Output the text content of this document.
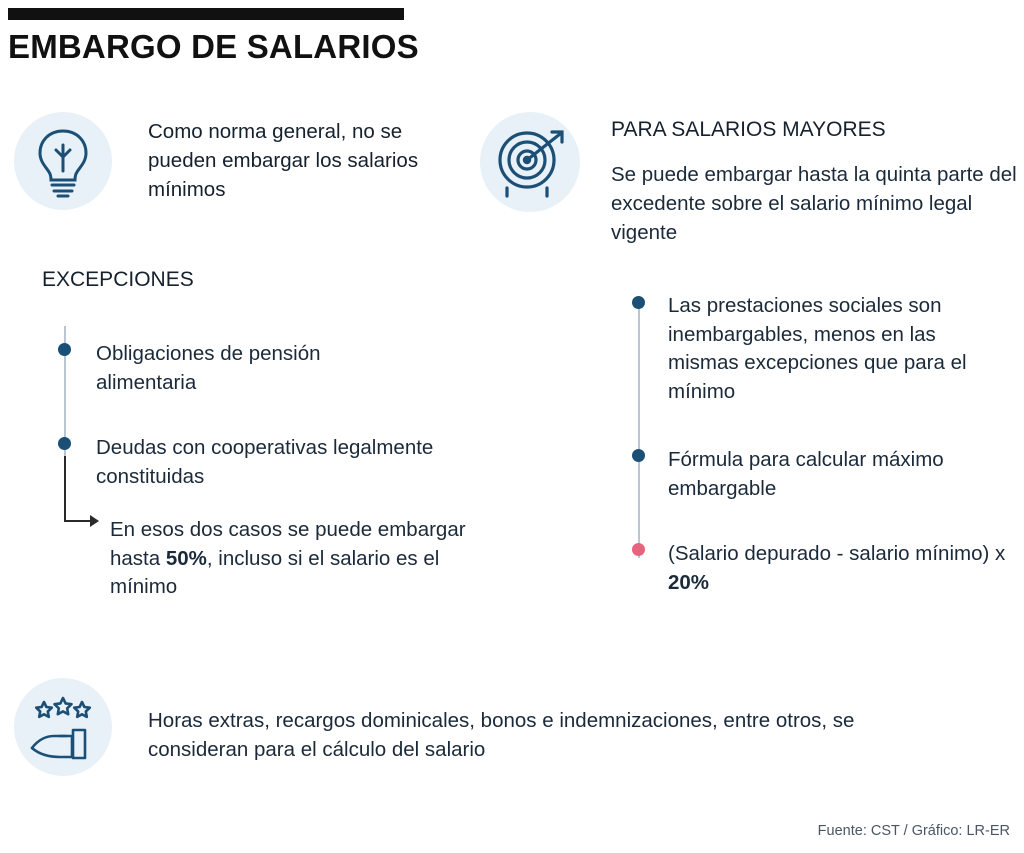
EMBARGO DE SALARIOS
Como norma general, no se pueden embargar los salarios mínimos
EXCEPCIONES
Obligaciones de pensión alimentaria
Deudas con cooperativas legalmente constituidas
En esos dos casos se puede embargar hasta 50%, incluso si el salario es el mínimo
PARA SALARIOS MAYORES
Se puede embargar hasta la quinta parte del excedente sobre el salario mínimo legal vigente
Las prestaciones sociales son inembargables, menos en las mismas excepciones que para el mínimo
Fórmula para calcular máximo embargable
(Salario depurado - salario mínimo) x 20%
Horas extras, recargos dominicales, bonos e indemnizaciones, entre otros, se consideran para el cálculo del salario
Fuente: CST / Gráfico: LR-ER
